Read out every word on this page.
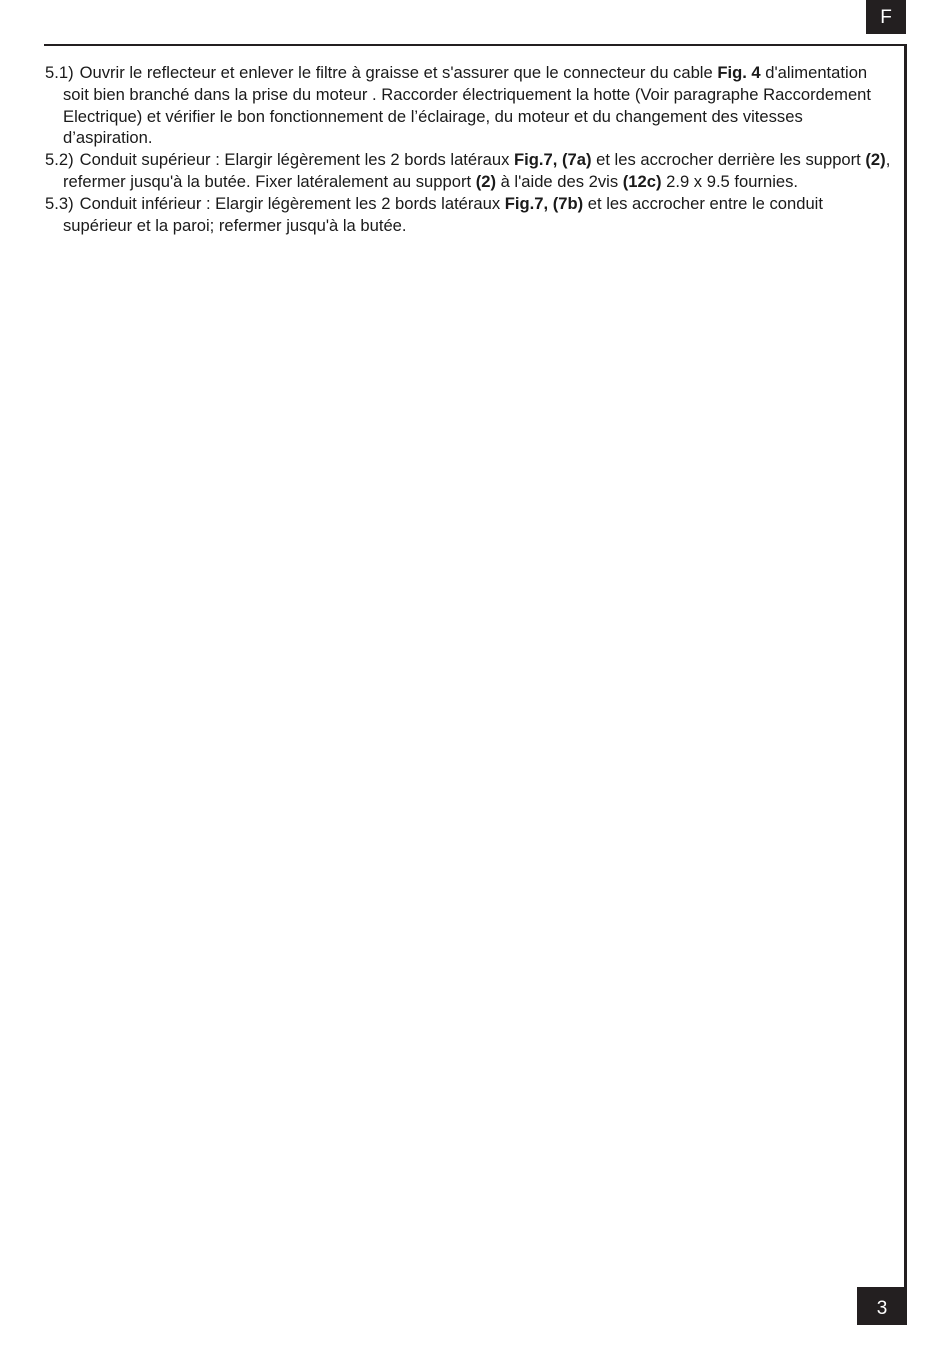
F

5.1) Ouvrir le reflecteur et enlever le filtre à graisse et s'assurer que le connecteur du cable Fig. 4 d'alimentation soit bien branché dans la prise du moteur . Raccorder électriquement la hotte (Voir paragraphe Raccordement Electrique) et vérifier le bon fonctionnement de l’éclairage, du moteur et du changement des vitesses d’aspiration.

5.2) Conduit supérieur : Elargir légèrement les 2 bords latéraux Fig.7, (7a) et les accrocher derrière les support (2), refermer jusqu'à la butée. Fixer latéralement au support (2) à l'aide des 2vis (12c) 2.9 x 9.5 fournies.

5.3) Conduit inférieur : Elargir légèrement les 2 bords latéraux Fig.7, (7b) et les accrocher entre le conduit supérieur et la paroi; refermer jusqu'à la butée.

3
